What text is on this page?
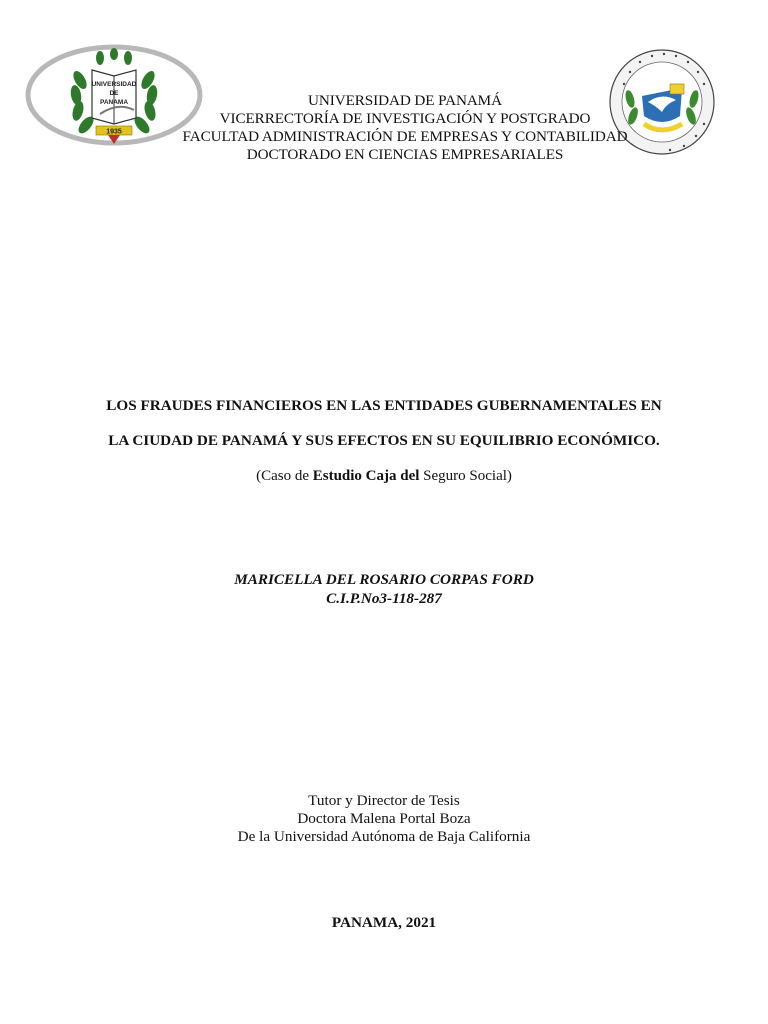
UNIVERSIDAD
DE
PANAMA
1935
UNIVERSIDAD DE PANAMÁ
VICERRECTORÍA DE INVESTIGACIÓN Y POSTGRADO
FACULTAD ADMINISTRACIÓN DE EMPRESAS Y CONTABILIDAD
DOCTORADO EN CIENCIAS EMPRESARIALES
LOS FRAUDES FINANCIEROS EN LAS ENTIDADES GUBERNAMENTALES EN
LA CIUDAD DE PANAMÁ Y SUS EFECTOS EN SU EQUILIBRIO ECONÓMICO.
(Caso de Estudio Caja del Seguro Social)
MARICELLA DEL ROSARIO CORPAS FORD
C.I.P.No3-118-287
Tutor y Director de Tesis
Doctora Malena Portal Boza
De la Universidad Autónoma de Baja California
PANAMA, 2021
